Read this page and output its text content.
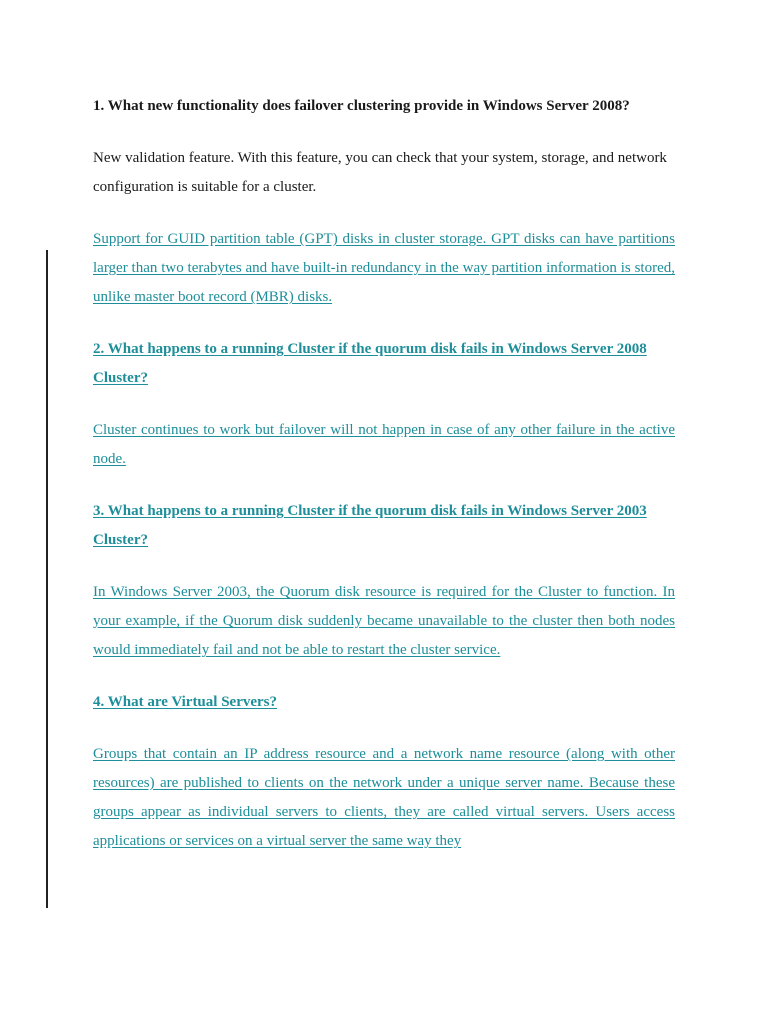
1. What new functionality does failover clustering provide in Windows Server 2008?

New validation feature. With this feature, you can check that your system, storage, and network configuration is suitable for a cluster.

Support for GUID partition table (GPT) disks in cluster storage. GPT disks can have partitions larger than two terabytes and have built-in redundancy in the way partition information is stored, unlike master boot record (MBR) disks.

2. What happens to a running Cluster if the quorum disk fails in Windows Server 2008 Cluster?

Cluster continues to work but failover will not happen in case of any other failure in the active node.

3. What happens to a running Cluster if the quorum disk fails in Windows Server 2003 Cluster?

In Windows Server 2003, the Quorum disk resource is required for the Cluster to function. In your example, if the Quorum disk suddenly became unavailable to the cluster then both nodes would immediately fail and not be able to restart the cluster service.

4. What are Virtual Servers?

Groups that contain an IP address resource and a network name resource (along with other resources) are published to clients on the network under a unique server name. Because these groups appear as individual servers to clients, they are called virtual servers. Users access applications or services on a virtual server the same way they
